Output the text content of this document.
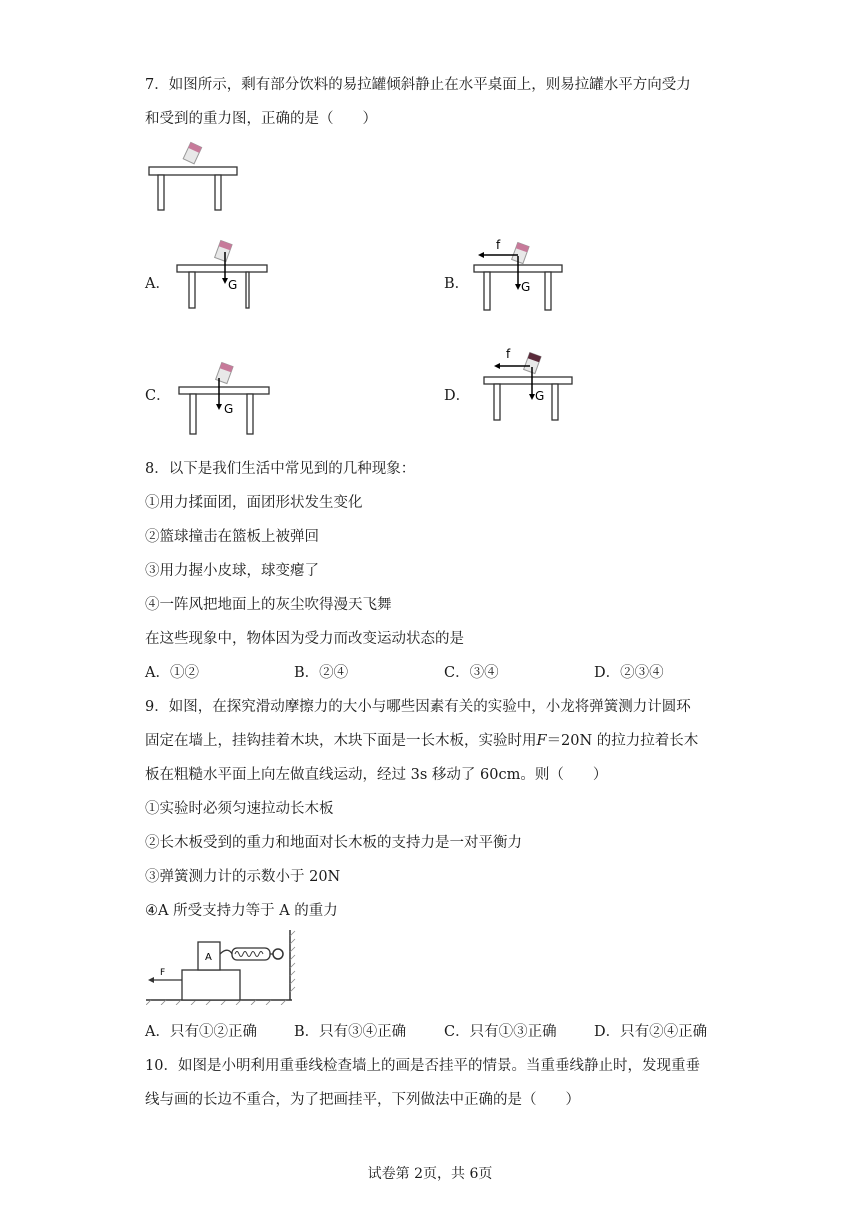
7．如图所示，剩有部分饮料的易拉罐倾斜静止在水平桌面上，则易拉罐水平方向受力
和受到的重力图，正确的是（　　）
A．	G	B．
f
G
C．
G
D．
f
G
8．以下是我们生活中常见到的几种现象：
①用力揉面团，面团形状发生变化
②篮球撞击在篮板上被弹回
③用力握小皮球，球变瘪了
④一阵风把地面上的灰尘吹得漫天飞舞
在这些现象中，物体因为受力而改变运动状态的是
A．①②	B．②④	C．③④	D．②③④
9．如图，在探究滑动摩擦力的大小与哪些因素有关的实验中，小龙将弹簧测力计圆环
固定在墙上，挂钩挂着木块，木块下面是一长木板，实验时用F＝20N 的拉力拉着长木
板在粗糙水平面上向左做直线运动，经过 3s 移动了 60cm。则（　　）
①实验时必须匀速拉动长木板
②长木板受到的重力和地面对长木板的支持力是一对平衡力
③弹簧测力计的示数小于 20N
④A 所受支持力等于 A 的重力
A
F
A．只有①②正确	B．只有③④正确	C．只有①③正确	D．只有②④正确
10．如图是小明利用重垂线检查墙上的画是否挂平的情景。当重垂线静止时，发现重垂
线与画的长边不重合，为了把画挂平，下列做法中正确的是（　　）
试卷第 2页，共 6页
